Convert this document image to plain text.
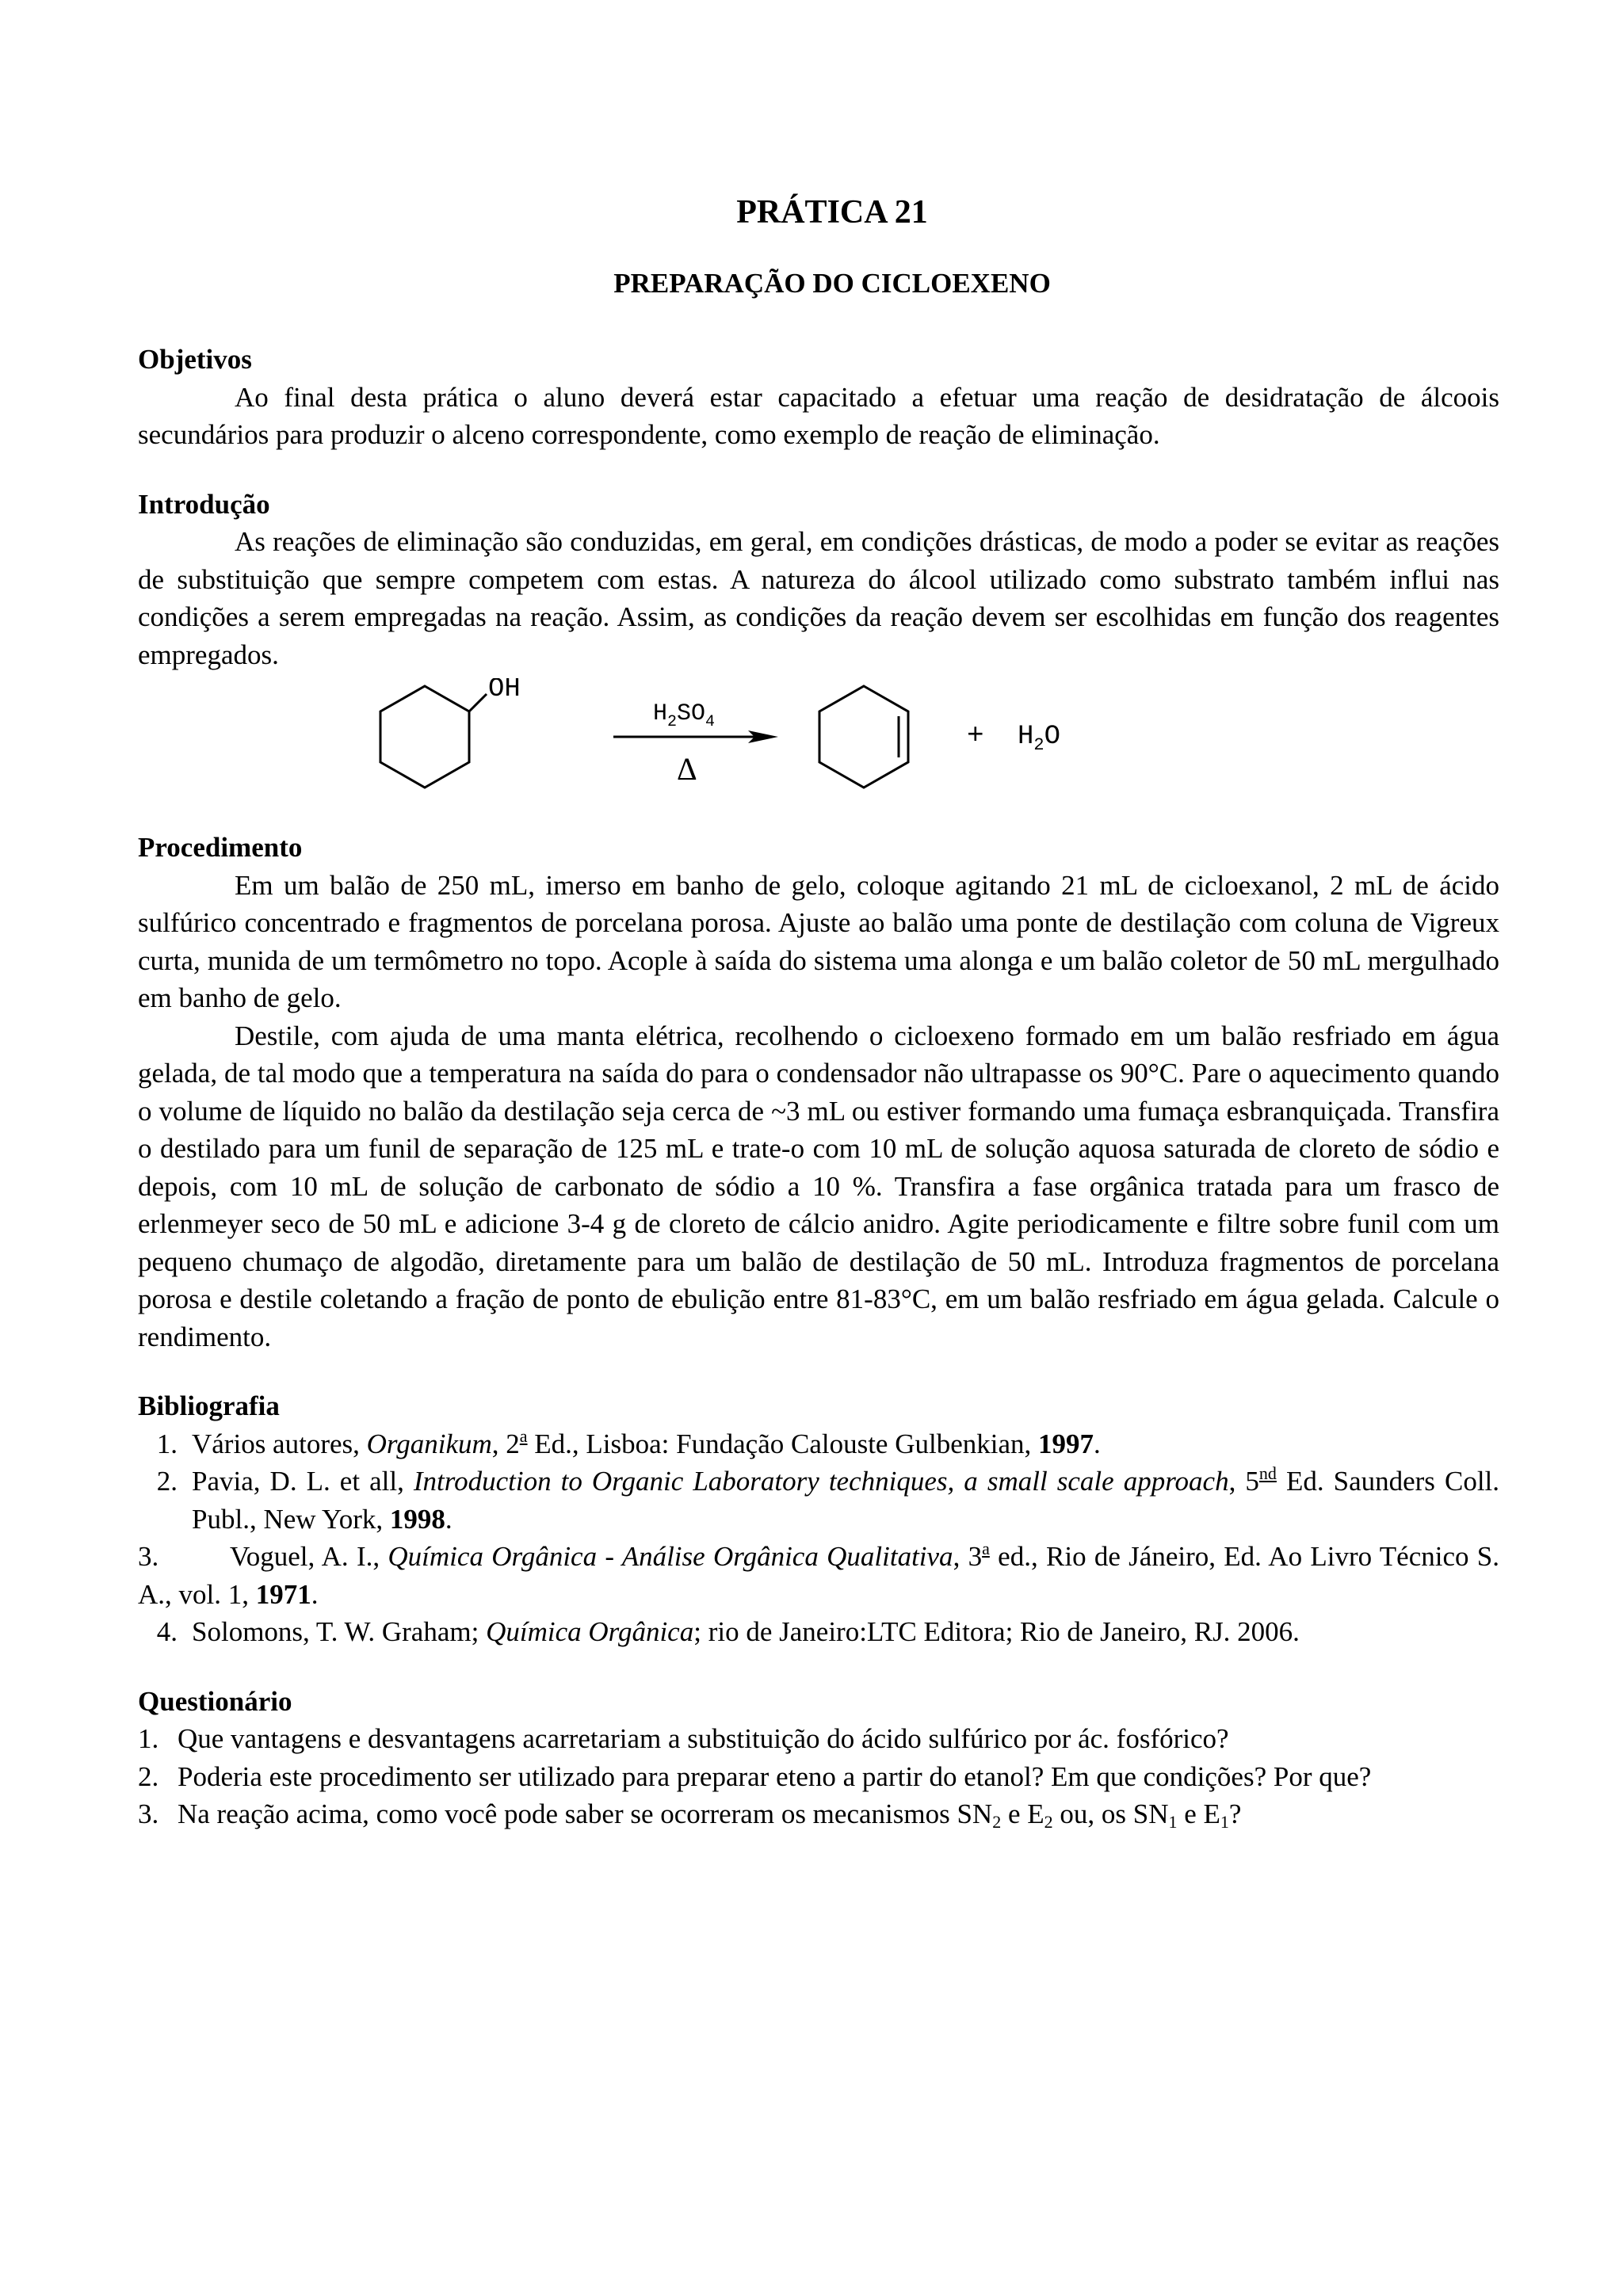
PRÁTICA 21
PREPARAÇÃO DO CICLOEXENO
Objetivos

Ao final desta prática o aluno deverá estar capacitado a efetuar uma reação de desidratação de álcoois secundários para produzir o alceno correspondente, como exemplo de reação de eliminação.

Introdução

As reações de eliminação são conduzidas, em geral, em condições drásticas, de modo a poder se evitar as reações de substituição que sempre competem com estas. A natureza do álcool utilizado como substrato também influi nas condições a serem empregadas na reação. Assim, as condições da reação devem ser escolhidas em função dos reagentes empregados.

OH
$H_2SO_4$
Δ
+ $H_2O$
Procedimento

Em um balão de 250 mL, imerso em banho de gelo, coloque agitando 21 mL de cicloexanol, 2 mL de ácido sulfúrico concentrado e fragmentos de porcelana porosa. Ajuste ao balão uma ponte de destilação com coluna de Vigreux curta, munida de um termômetro no topo. Acople à saída do sistema uma alonga e um balão coletor de 50 mL mergulhado em banho de gelo.

Destile, com ajuda de uma manta elétrica, recolhendo o cicloexeno formado em um balão resfriado em água gelada, de tal modo que a temperatura na saída do para o condensador não ultrapasse os 90°C. Pare o aquecimento quando o volume de líquido no balão da destilação seja cerca de ~3 mL ou estiver formando uma fumaça esbranquiçada. Transfira o destilado para um funil de separação de 125 mL e trate-o com 10 mL de solução aquosa saturada de cloreto de sódio e depois, com 10 mL de solução de carbonato de sódio a 10 %. Transfira a fase orgânica tratada para um frasco de erlenmeyer seco de 50 mL e adicione 3-4 g de cloreto de cálcio anidro. Agite periodicamente e filtre sobre funil com um pequeno chumaço de algodão, diretamente para um balão de destilação de 50 mL. Introduza fragmentos de porcelana porosa e destile coletando a fração de ponto de ebulição entre 81-83°C, em um balão resfriado em água gelada. Calcule o rendimento.

Bibliografia
1. Vários autores, Organikum, 2$^a$ Ed., Lisboa: Fundação Calouste Gulbenkian, 1997.
2. Pavia, D. L. et all, Introduction to Organic Laboratory techniques, a small scale approach, 5nd Ed. Saunders Coll. Publ., New York, 1998.
3.	Voguel, A. I., Química Orgânica - Análise Orgânica Qualitativa, 3$^a$ ed., Rio de Jáneiro, Ed. Ao Livro Técnico S. A., vol. 1, 1971.
4. Solomons, T. W. Graham; Química Orgânica; rio de Janeiro:LTC Editora; Rio de Janeiro, RJ. 2006.
Questionário
1. Que vantagens e desvantagens acarretariam a substituição do ácido sulfúrico por ác. fosfórico?
2. Poderia este procedimento ser utilizado para preparar eteno a partir do etanol? Em que condições? Por que?
3. Na reação acima, como você pode saber se ocorreram os mecanismos $SN_2$ e $E_2$ ou, os $SN_1$ e $E_1$?
